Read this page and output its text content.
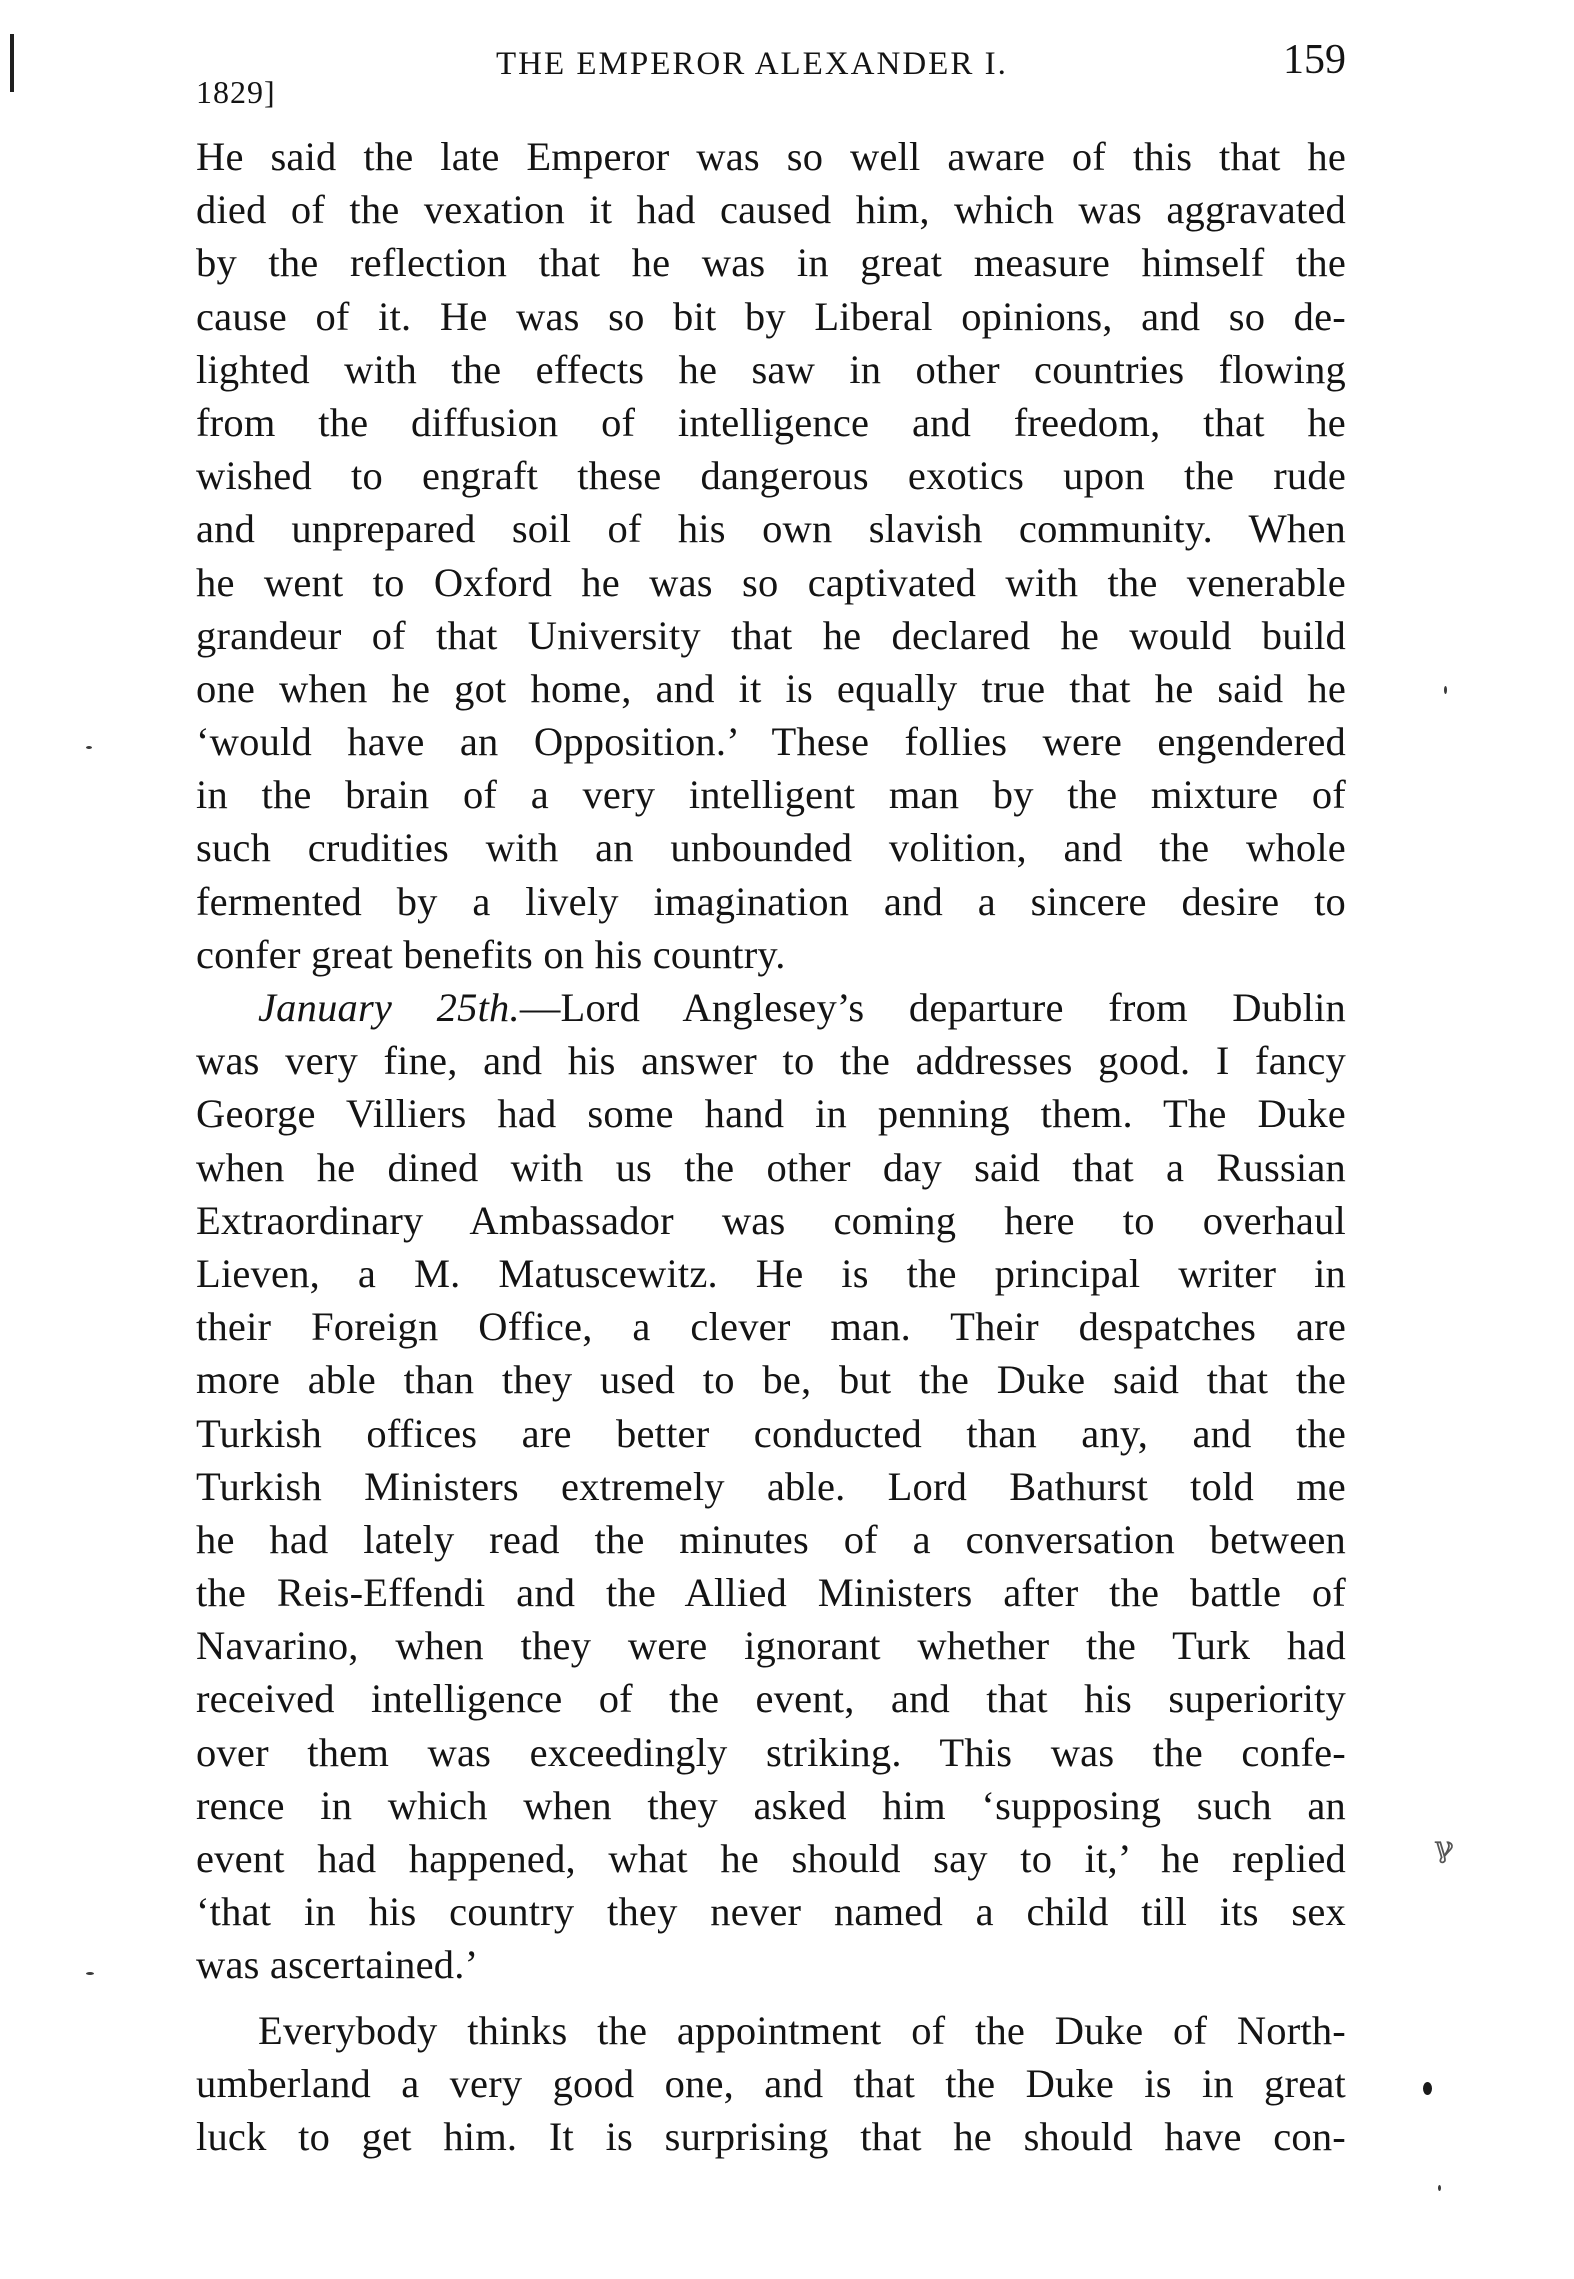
1829]
THE EMPEROR ALEXANDER I.	159
He said the late Emperor was so well aware of this that he
died of the vexation it had caused him, which was aggravated
by the reflection that he was in great measure himself the
cause of it. He was so bit by Liberal opinions, and so de-
lighted with the effects he saw in other countries flowing
from the diffusion of intelligence and freedom, that he
wished to engraft these dangerous exotics upon the rude
and unprepared soil of his own slavish community. When
he went to Oxford he was so captivated with the venerable
grandeur of that University that he declared he would build
one when he got home, and it is equally true that he said he
‘would have an Opposition.’ These follies were engendered
in the brain of a very intelligent man by the mixture of
such crudities with an unbounded volition, and the whole
fermented by a lively imagination and a sincere desire to
confer great benefits on his country.
January 25th.—Lord Anglesey’s departure from Dublin
was very fine, and his answer to the addresses good. I fancy
George Villiers had some hand in penning them. The Duke
when he dined with us the other day said that a Russian
Extraordinary Ambassador was coming here to overhaul
Lieven, a M. Matuscewitz. He is the principal writer in
their Foreign Office, a clever man. Their despatches are
more able than they used to be, but the Duke said that the
Turkish offices are better conducted than any, and the
Turkish Ministers extremely able. Lord Bathurst told me
he had lately read the minutes of a conversation between
the Reis-Effendi and the Allied Ministers after the battle of
Navarino, when they were ignorant whether the Turk had
received intelligence of the event, and that his superiority
over them was exceedingly striking. This was the confe-
rence in which when they asked him ‘supposing such an
event had happened, what he should say to it,’ he replied
‘that in his country they never named a child till its sex
was ascertained.’
Everybody thinks the appointment of the Duke of North-
umberland a very good one, and that the Duke is in great
luck to get him. It is surprising that he should have con-
ℽ
